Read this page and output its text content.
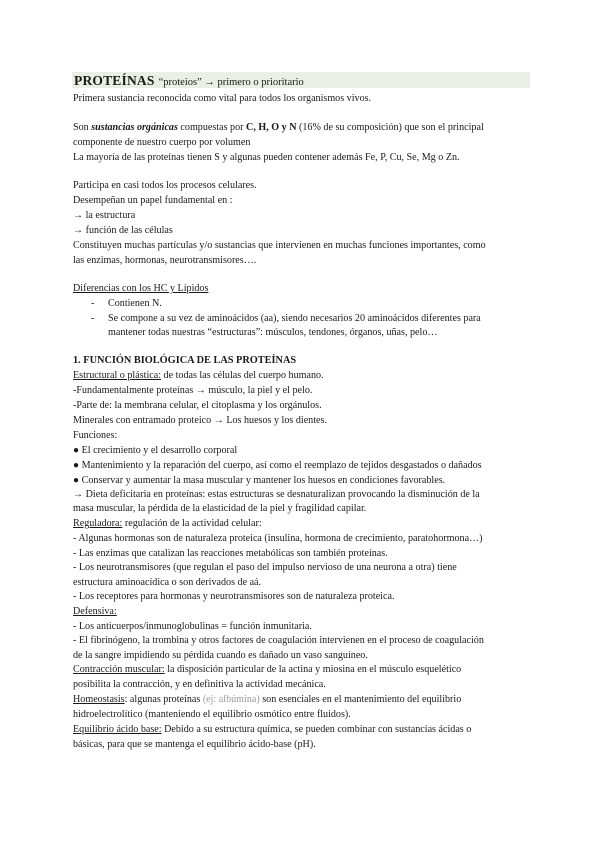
PROTEÍNAS “proteios” → primero o prioritario
Primera sustancia reconocida como vital para todos los organismos vivos.
Son sustancias orgánicas compuestas por C, H, O y N (16% de su composición) que son el principal
componente de nuestro cuerpo por volumen
La mayoría de las proteínas tienen S y algunas pueden contener además Fe, P, Cu, Se, Mg o Zn.
Participa en casi todos los procesos celulares.
Desempeñan un papel fundamental en :
→ la estructura
→ función de las células
Constituyen muchas partículas y/o sustancias que intervienen en muchas funciones importantes, como
las enzimas, hormonas, neurotransmisores….
Diferencias con los HC y Lípidos
- Contienen N.
- Se compone a su vez de aminoácidos (aa), siendo necesarios 20 aminoácidos diferentes para
mantener todas nuestras “estructuras”: músculos, tendones, órganos, uñas, pelo…
1. FUNCIÓN BIOLÓGICA DE LAS PROTEÍNAS
Estructural o plástica: de todas las células del cuerpo humano.
-Fundamentalmente proteínas → músculo, la piel y el pelo.
-Parte de: la membrana celular, el citoplasma y los orgánulos.
Minerales con entramado proteico → Los huesos y los dientes.
Funciones:
● El crecimiento y el desarrollo corporal
● Mantenimiento y la reparación del cuerpo, así como el reemplazo de tejidos desgastados o dañados
● Conservar y aumentar la masa muscular y mantener los huesos en condiciones favorables.
→ Dieta deficitaria en proteínas: estas estructuras se desnaturalizan provocando la disminución de la
masa muscular, la pérdida de la elasticidad de la piel y fragilidad capilar.
Reguladora: regulación de la actividad celular:
- Algunas hormonas son de naturaleza proteica (insulina, hormona de crecimiento, paratohormona…)
- Las enzimas que catalizan las reacciones metabólicas son también proteínas.
- Los neurotransmisores (que regulan el paso del impulso nervioso de una neurona a otra) tiene
estructura aminoacídica o son derivados de aá.
- Los receptores para hormonas y neurotransmisores son de naturaleza proteica.
Defensiva:
- Los anticuerpos/inmunoglobulinas = función inmunitaria.
- El fibrinógeno, la trombina y otros factores de coagulación intervienen en el proceso de coagulación
de la sangre impidiendo su pérdida cuando es dañado un vaso sanguíneo.
Contracción muscular: la disposición particular de la actina y miosina en el músculo esquelético
posibilita la contracción, y en definitiva la actividad mecánica.
Homeostasis: algunas proteínas (ej: albúmina) son esenciales en el mantenimiento del equilibrio
hidroelectrolítico (manteniendo el equilibrio osmótico entre fluidos).
Equilibrio ácido base: Debido a su estructura química, se pueden combinar con sustancias ácidas o
básicas, para que se mantenga el equilibrio ácido-base (pH).
